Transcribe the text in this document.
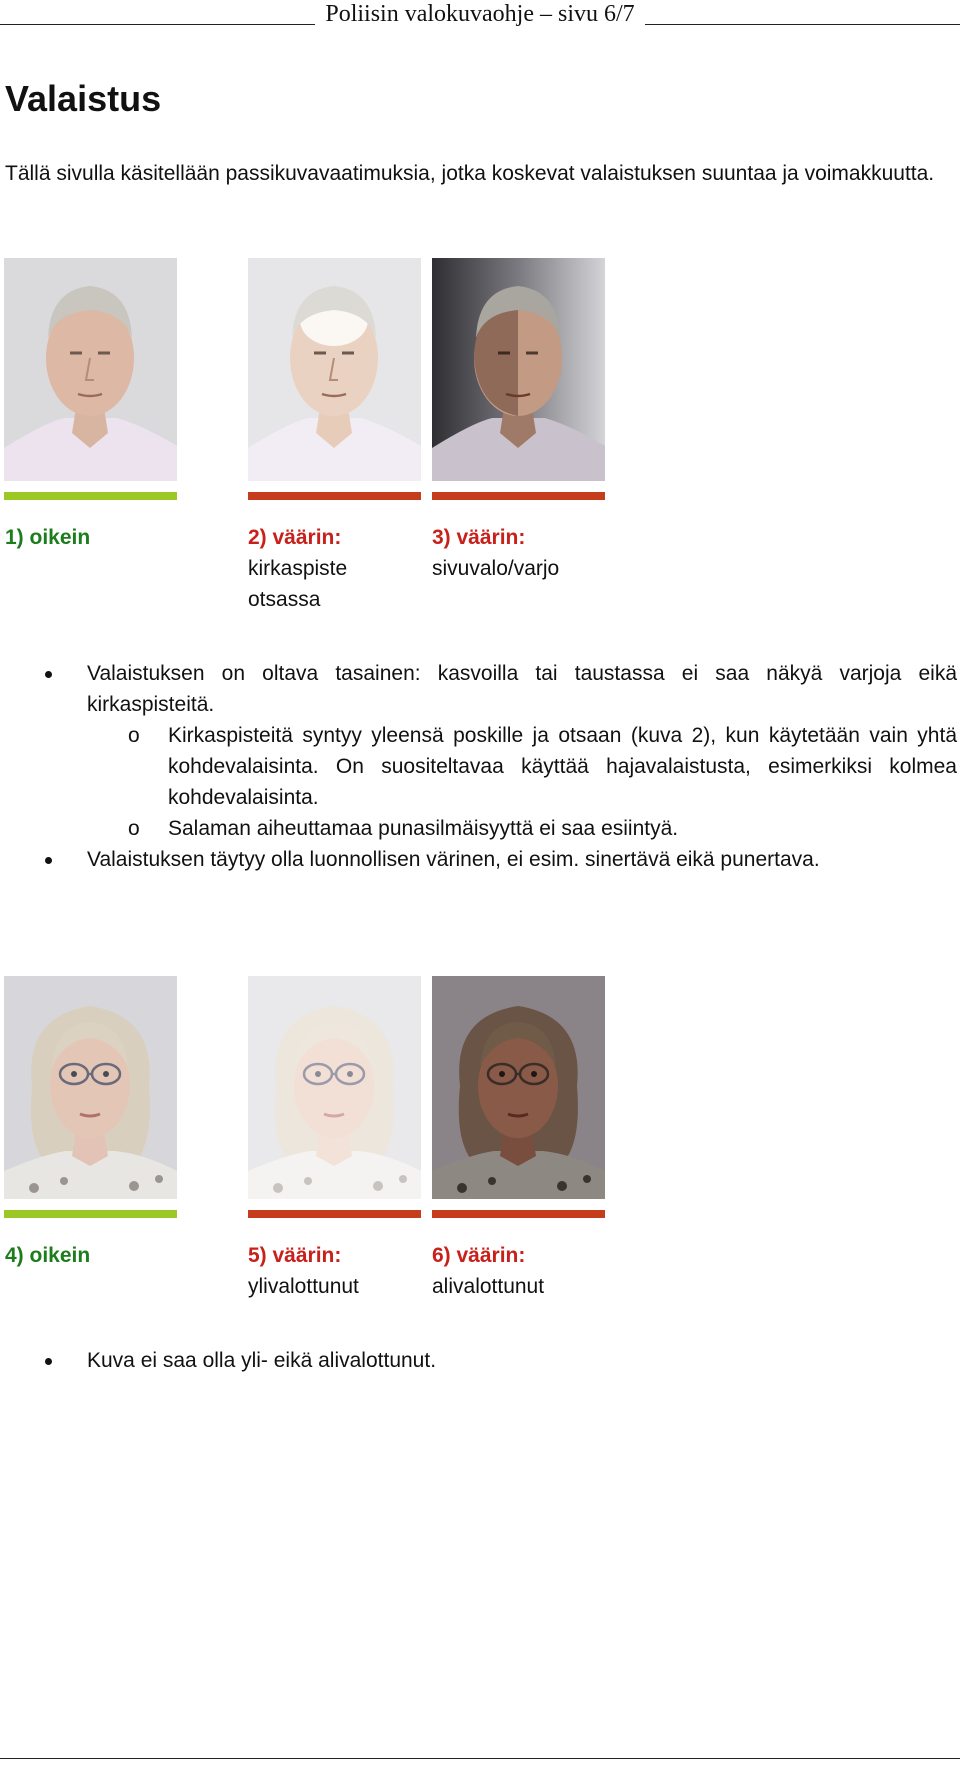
Poliisin valokuvaohje – sivu 6/7
Valaistus

Tällä sivulla käsitellään passikuvavaatimuksia, jotka koskevat valaistuksen suuntaa ja voimakkuutta.

1) oikein	2) väärin:
kirkaspiste otsassa
3) väärin:
sivuvalo/varjo
Valaistuksen on oltava tasainen: kasvoilla tai taustassa ei saa näkyä varjoja eikä kirkaspisteitä.
o Kirkaspisteitä syntyy yleensä poskille ja otsaan (kuva 2), kun käytetään vain yhtä kohdevalaisinta. On suositeltavaa käyttää hajavalaistusta, esimerkiksi kolmea kohdevalaisinta.
o Salaman aiheuttamaa punasilmäisyyttä ei saa esiintyä.
Valaistuksen täytyy olla luonnollisen värinen, ei esim. sinertävä eikä punertava.
4) oikein	5) väärin:
ylivalottunut
6) väärin:
alivalottunut
Kuva ei saa olla yli- eikä alivalottunut.
